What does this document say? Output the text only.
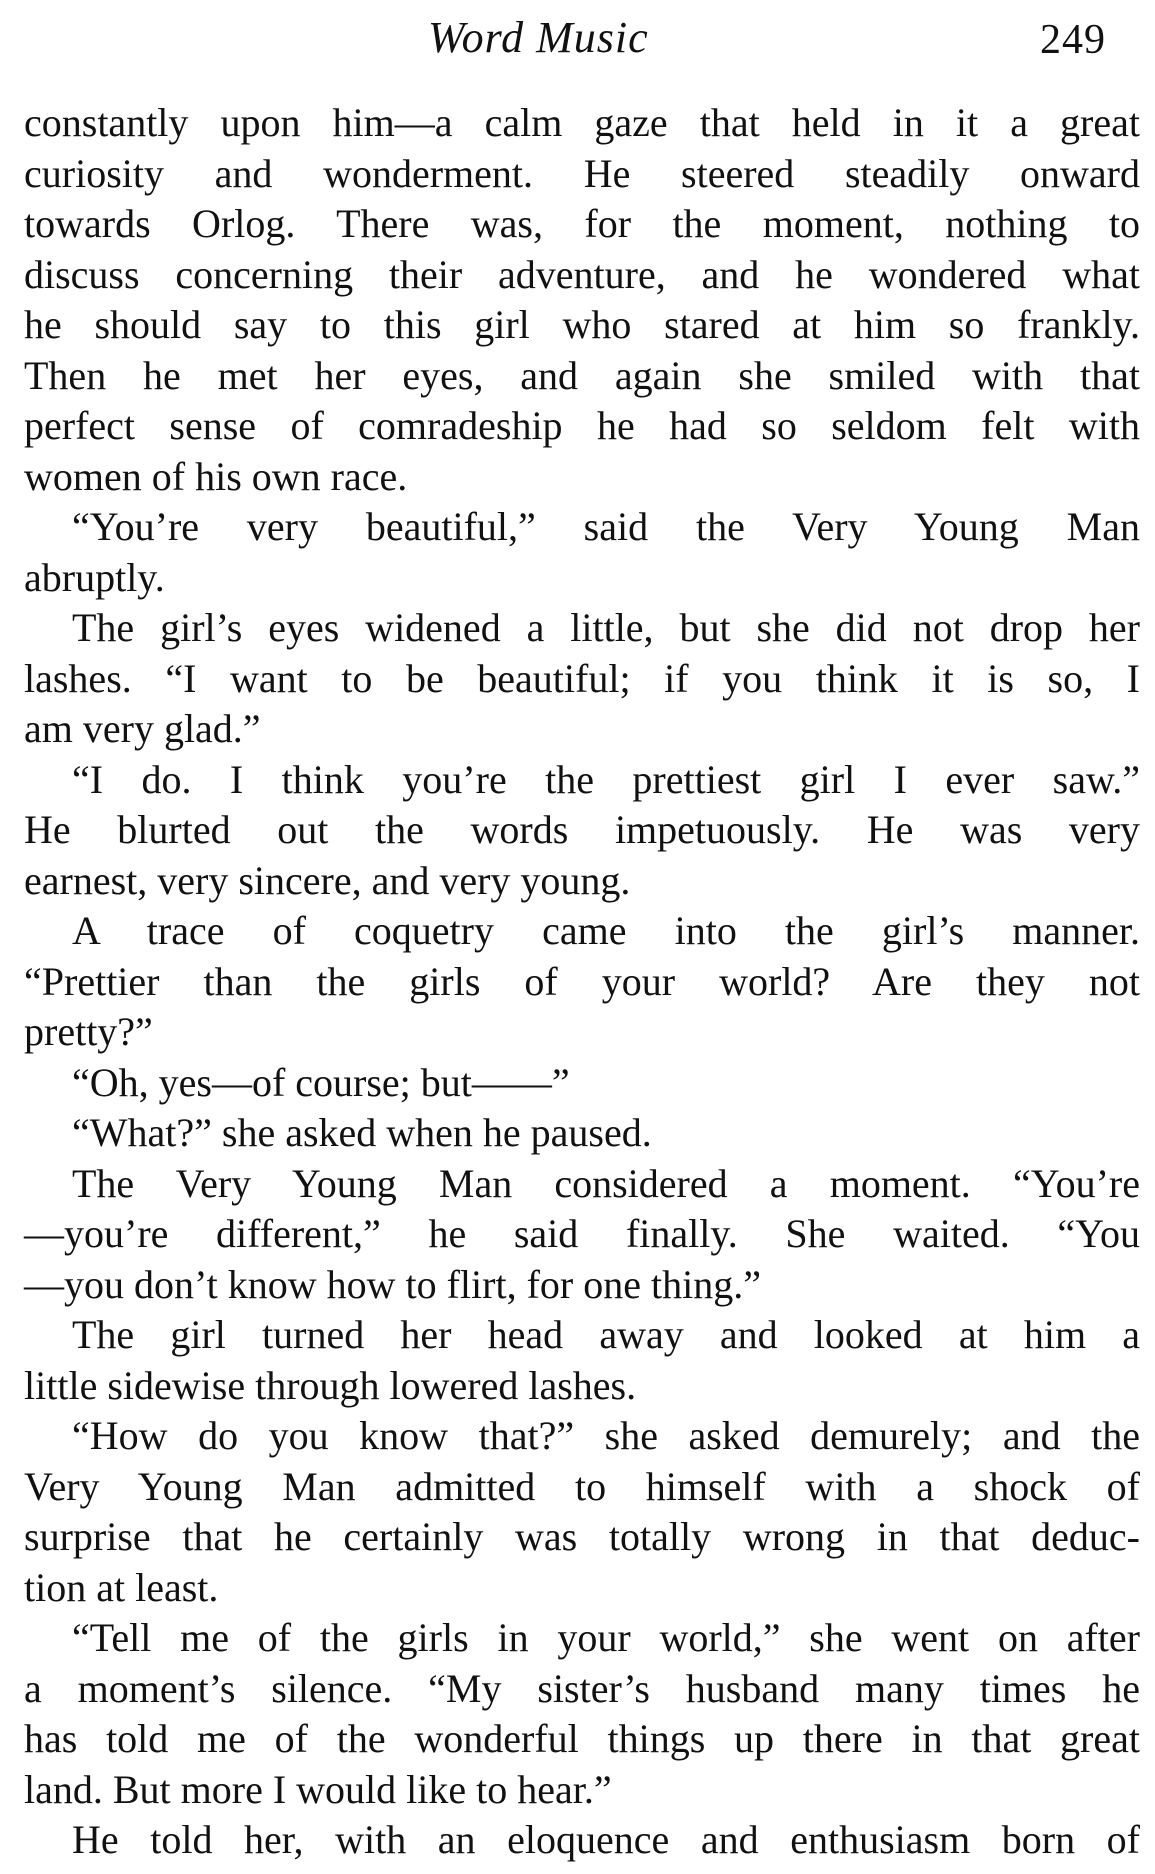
Word Music	249
constantly upon him—a calm gaze that held in it a great
curiosity and wonderment. He steered steadily onward
towards Orlog. There was, for the moment, nothing to
discuss concerning their adventure, and he wondered what
he should say to this girl who stared at him so frankly.
Then he met her eyes, and again she smiled with that
perfect sense of comradeship he had so seldom felt with
women of his own race.
“You’re very beautiful,” said the Very Young Man
abruptly.
The girl’s eyes widened a little, but she did not drop her
lashes. “I want to be beautiful; if you think it is so, I
am very glad.”
“I do. I think you’re the prettiest girl I ever saw.”
He blurted out the words impetuously. He was very
earnest, very sincere, and very young.
A trace of coquetry came into the girl’s manner.
“Prettier than the girls of your world? Are they not
pretty?”
“Oh, yes—of course; but——”
“What?” she asked when he paused.
The Very Young Man considered a moment. “You’re
—you’re different,” he said finally. She waited. “You
—you don’t know how to flirt, for one thing.”
The girl turned her head away and looked at him a
little sidewise through lowered lashes.
“How do you know that?” she asked demurely; and the
Very Young Man admitted to himself with a shock of
surprise that he certainly was totally wrong in that deduc-
tion at least.
“Tell me of the girls in your world,” she went on after
a moment’s silence. “My sister’s husband many times he
has told me of the wonderful things up there in that great
land. But more I would like to hear.”
He told her, with an eloquence and enthusiasm born of
